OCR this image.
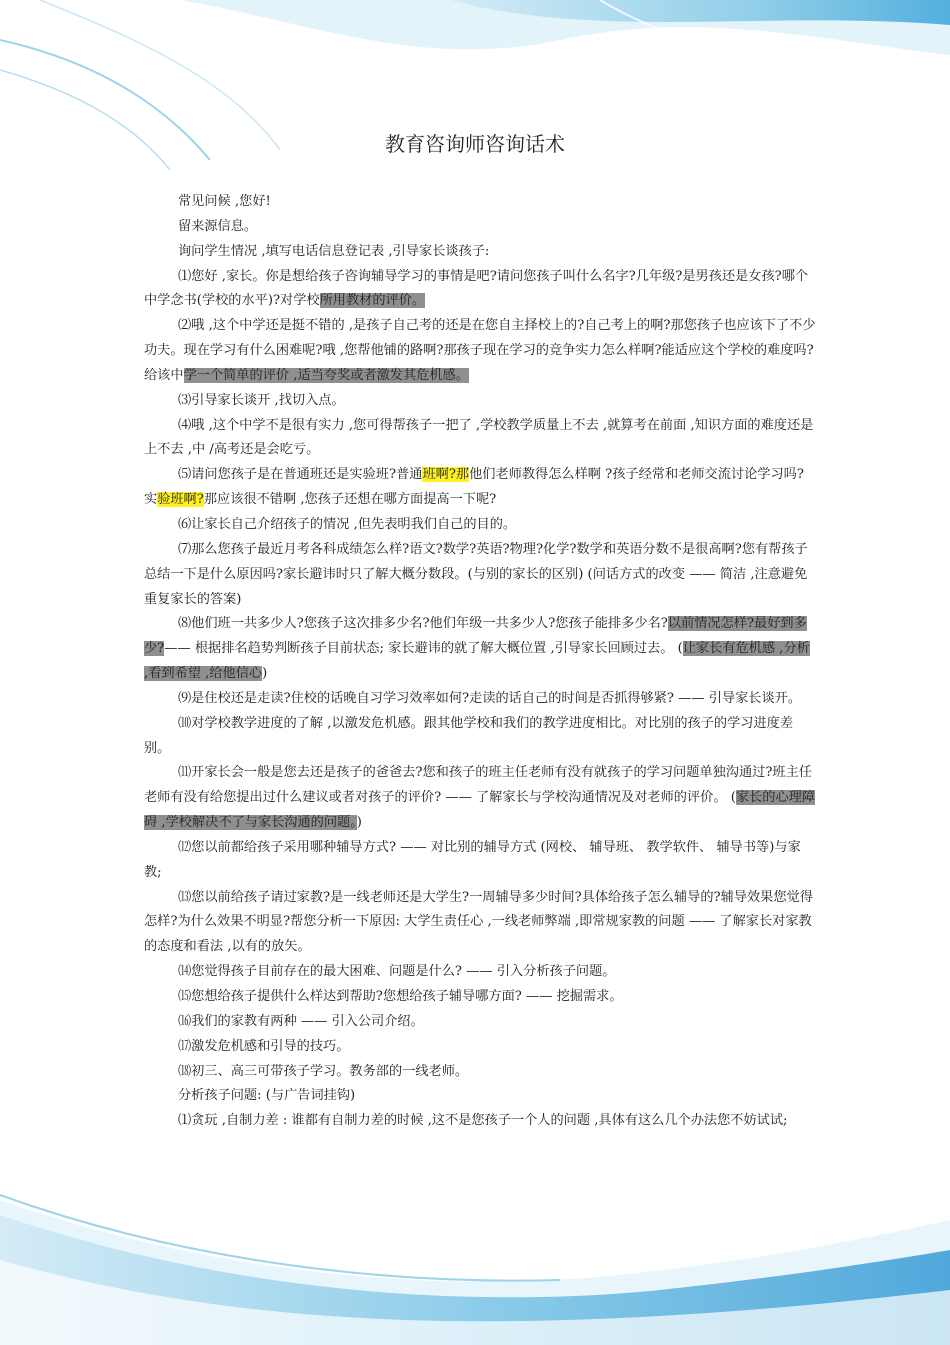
教育咨询师咨询话术

常见问候 ,您好!

留来源信息。

询问学生情况 ,填写电话信息登记表 ,引导家长谈孩子:

⑴您好 ,家长。你是想给孩子咨询辅导学习的事情是吧?请问您孩子叫什么名字?几年级?是男孩还是女孩?哪个中学念书(学校的水平)?对学校所用教材的评价。

⑵哦 ,这个中学还是挺不错的 ,是孩子自己考的还是在您自主择校上的?自己考上的啊?那您孩子也应该下了不少功夫。现在学习有什么困难呢?哦 ,您帮他铺的路啊?那孩子现在学习的竞争实力怎么样啊?能适应这个学校的难度吗?给该中学一个简单的评价 ,适当夸奖或者激发其危机感。

⑶引导家长谈开 ,找切入点。

⑷哦 ,这个中学不是很有实力 ,您可得帮孩子一把了 ,学校教学质量上不去 ,就算考在前面 ,知识方面的难度还是上不去 ,中 /高考还是会吃亏。

⑸请问您孩子是在普通班还是实验班?普通班啊?那他们老师教得怎么样啊 ?孩子经常和老师交流讨论学习吗?实验班啊?那应该很不错啊 ,您孩子还想在哪方面提高一下呢?

⑹让家长自己介绍孩子的情况 ,但先表明我们自己的目的。

⑺那么您孩子最近月考各科成绩怎么样?语文?数学?英语?物理?化学?数学和英语分数不是很高啊?您有帮孩子总结一下是什么原因吗?家长避讳时只了解大概分数段。(与别的家长的区别) (问话方式的改变 —— 简洁 ,注意避免重复家长的答案)

⑻他们班一共多少人?您孩子这次排多少名?他们年级一共多少人?您孩子能排多少名?以前情况怎样?最好到多少?—— 根据排名趋势判断孩子目前状态; 家长避讳的就了解大概位置 ,引导家长回顾过去。 (让家长有危机感 ,分析 ,看到希望 ,给他信心)

⑼是住校还是走读?住校的话晚自习学习效率如何?走读的话自己的时间是否抓得够紧? —— 引导家长谈开。

⑽对学校教学进度的了解 ,以激发危机感。跟其他学校和我们的教学进度相比。对比别的孩子的学习进度差别。

⑾开家长会一般是您去还是孩子的爸爸去?您和孩子的班主任老师有没有就孩子的学习问题单独沟通过?班主任老师有没有给您提出过什么建议或者对孩子的评价? —— 了解家长与学校沟通情况及对老师的评价。 (家长的心理障碍 ,学校解决不了与家长沟通的问题。)

⑿您以前都给孩子采用哪种辅导方式? —— 对比别的辅导方式 (网校、 辅导班、 教学软件、 辅导书等)与家教;

⒀您以前给孩子请过家教?是一线老师还是大学生?一周辅导多少时间?具体给孩子怎么辅导的?辅导效果您觉得怎样?为什么效果不明显?帮您分析一下原因: 大学生责任心 ,一线老师弊端 ,即常规家教的问题 —— 了解家长对家教的态度和看法 ,以有的放矢。

⒁您觉得孩子目前存在的最大困难、问题是什么? —— 引入分析孩子问题。

⒂您想给孩子提供什么样达到帮助?您想给孩子辅导哪方面? —— 挖掘需求。

⒃我们的家教有两种 —— 引入公司介绍。

⒄激发危机感和引导的技巧。

⒅初三、高三可带孩子学习。教务部的一线老师。

分析孩子问题: (与广告词挂钩)

⑴贪玩 ,自制力差 : 谁都有自制力差的时候 ,这不是您孩子一个人的问题 ,具体有这么几个办法您不妨试试;
